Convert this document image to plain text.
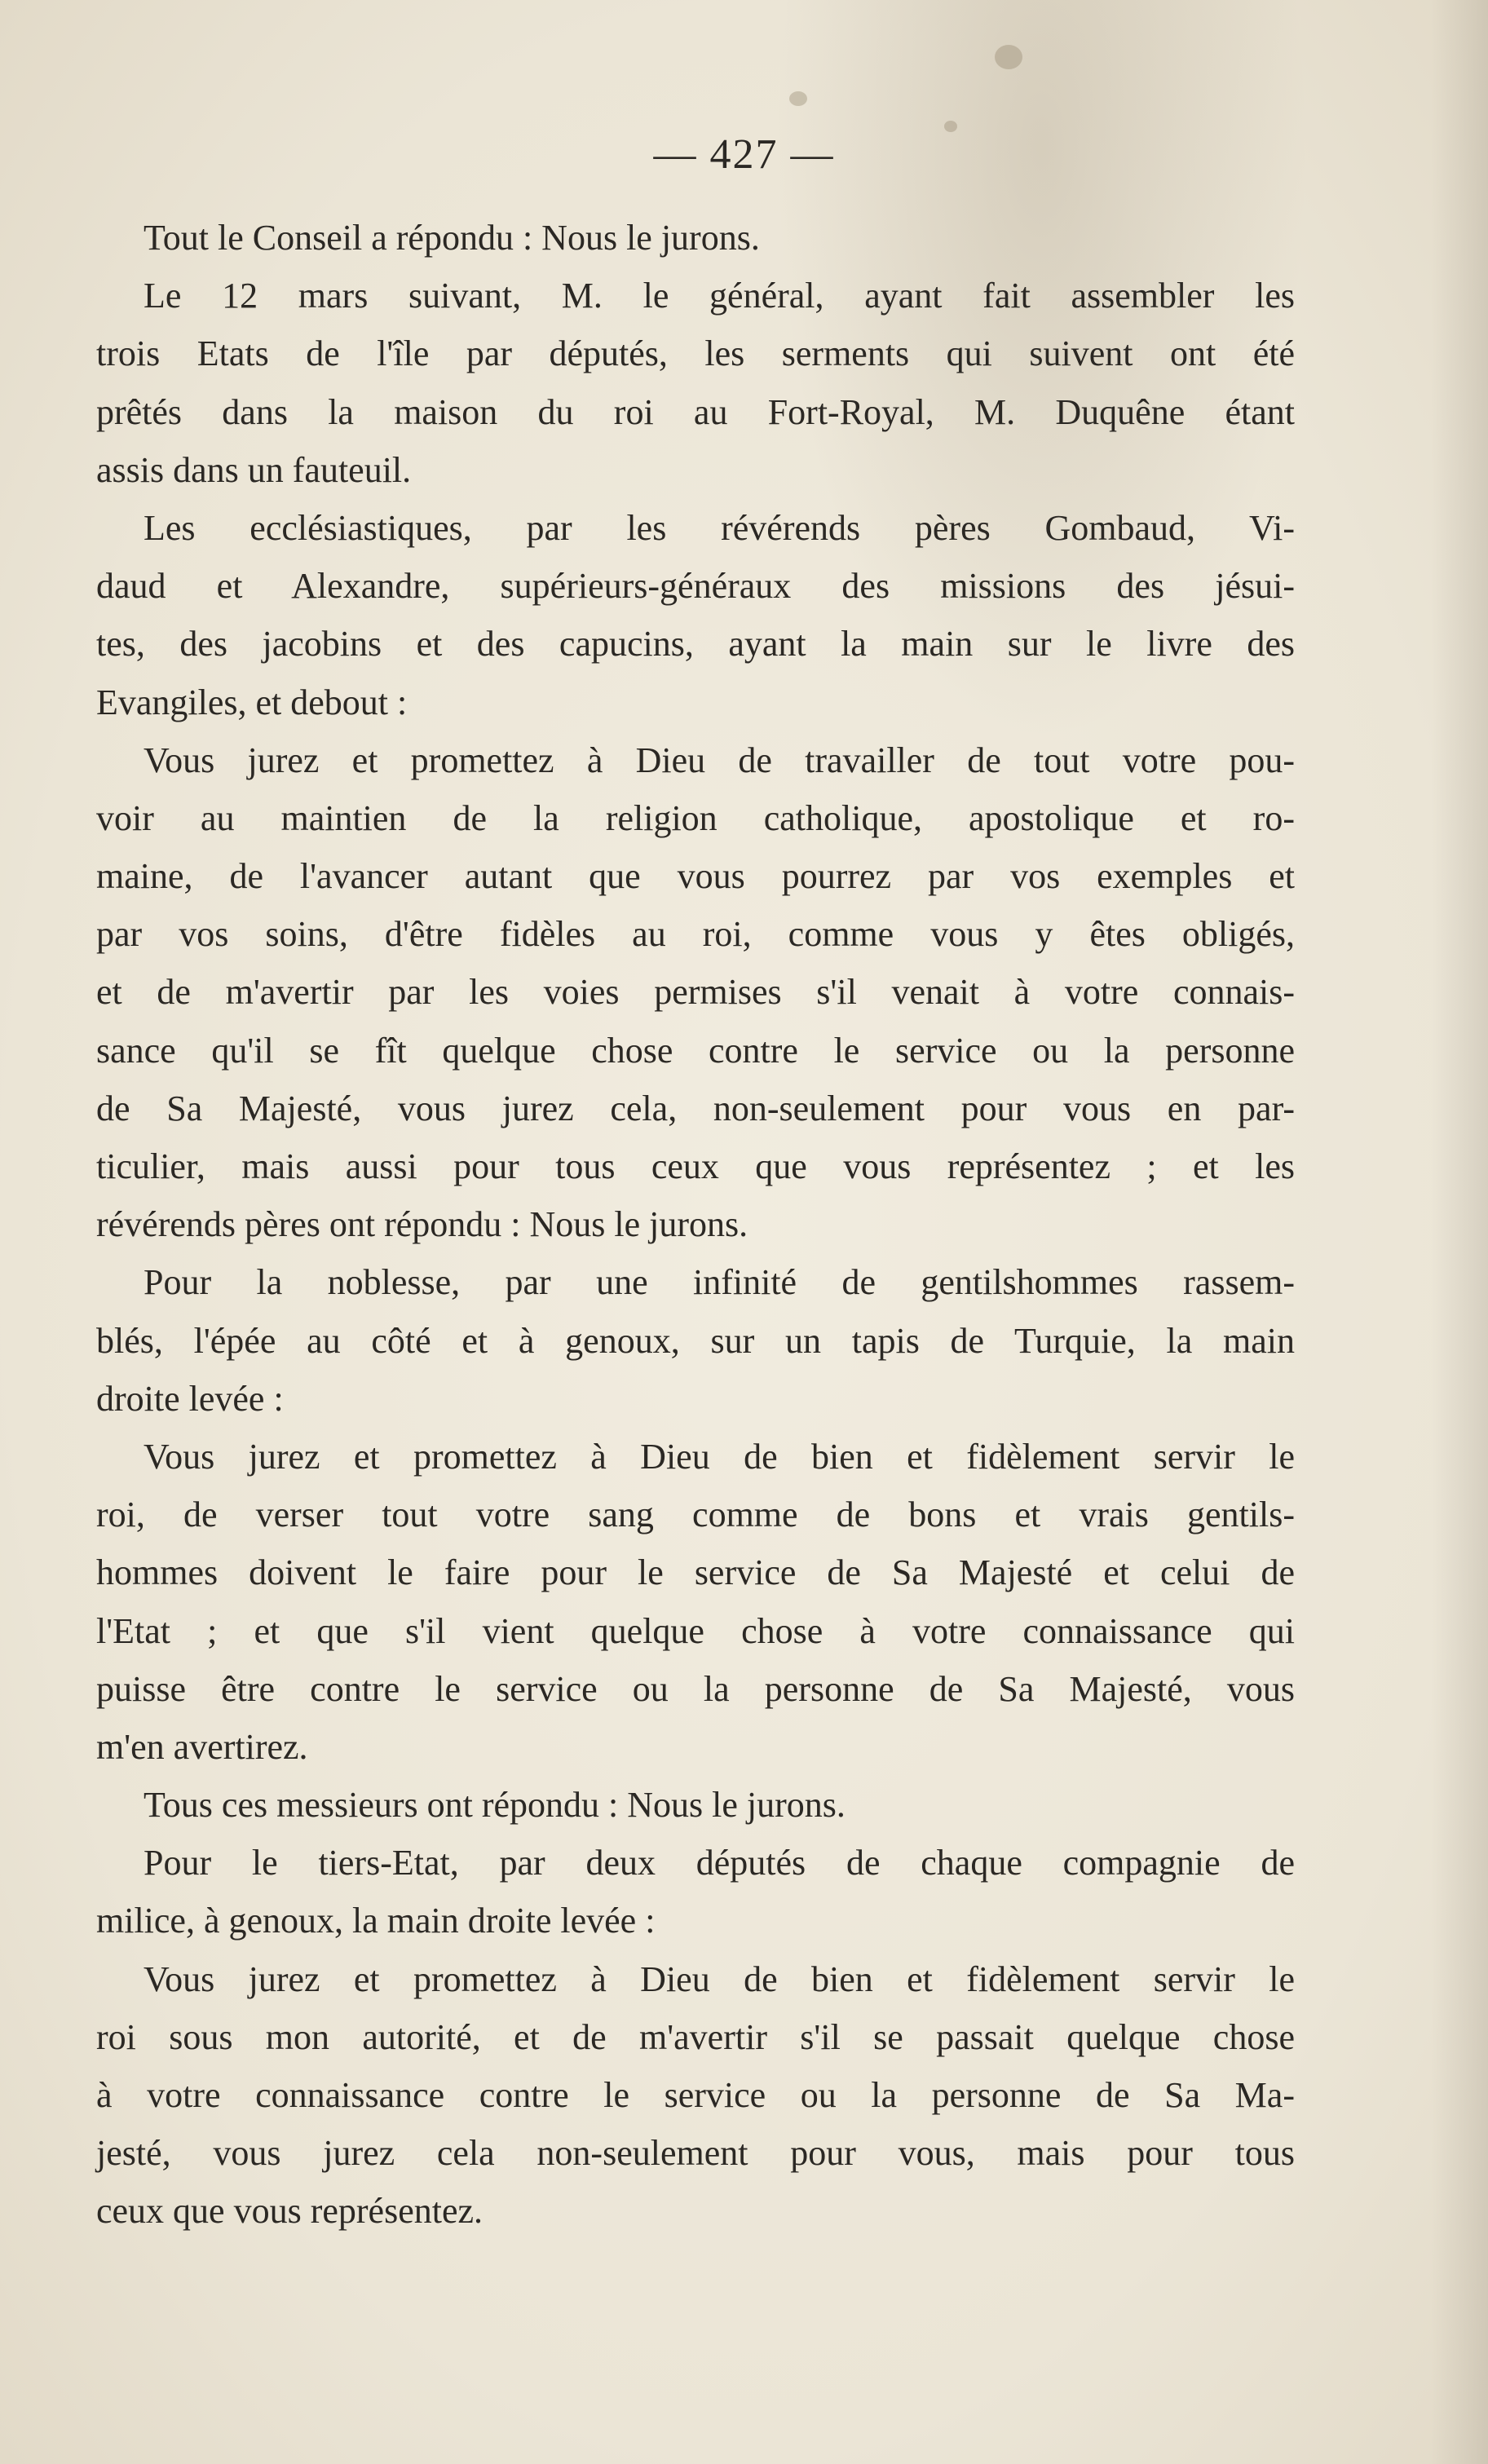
— 427 —
Tout le Conseil a répondu : Nous le jurons.
Le 12 mars suivant, M. le général, ayant fait assembler les
trois Etats de l'île par députés, les serments qui suivent ont été
prêtés dans la maison du roi au Fort-Royal, M. Duquêne étant
assis dans un fauteuil.
Les ecclésiastiques, par les révérends pères Gombaud, Vi-
daud et Alexandre, supérieurs-généraux des missions des jésui-
tes, des jacobins et des capucins, ayant la main sur le livre des
Evangiles, et debout :
Vous jurez et promettez à Dieu de travailler de tout votre pou-
voir au maintien de la religion catholique, apostolique et ro-
maine, de l'avancer autant que vous pourrez par vos exemples et
par vos soins, d'être fidèles au roi, comme vous y êtes obligés,
et de m'avertir par les voies permises s'il venait à votre connais-
sance qu'il se fît quelque chose contre le service ou la personne
de Sa Majesté, vous jurez cela, non-seulement pour vous en par-
ticulier, mais aussi pour tous ceux que vous représentez ; et les
révérends pères ont répondu : Nous le jurons.
Pour la noblesse, par une infinité de gentilshommes rassem-
blés, l'épée au côté et à genoux, sur un tapis de Turquie, la main
droite levée :
Vous jurez et promettez à Dieu de bien et fidèlement servir le
roi, de verser tout votre sang comme de bons et vrais gentils-
hommes doivent le faire pour le service de Sa Majesté et celui de
l'Etat ; et que s'il vient quelque chose à votre connaissance qui
puisse être contre le service ou la personne de Sa Majesté, vous
m'en avertirez.
Tous ces messieurs ont répondu : Nous le jurons.
Pour le tiers-Etat, par deux députés de chaque compagnie de
milice, à genoux, la main droite levée :
Vous jurez et promettez à Dieu de bien et fidèlement servir le
roi sous mon autorité, et de m'avertir s'il se passait quelque chose
à votre connaissance contre le service ou la personne de Sa Ma-
jesté, vous jurez cela non-seulement pour vous, mais pour tous
ceux que vous représentez.
